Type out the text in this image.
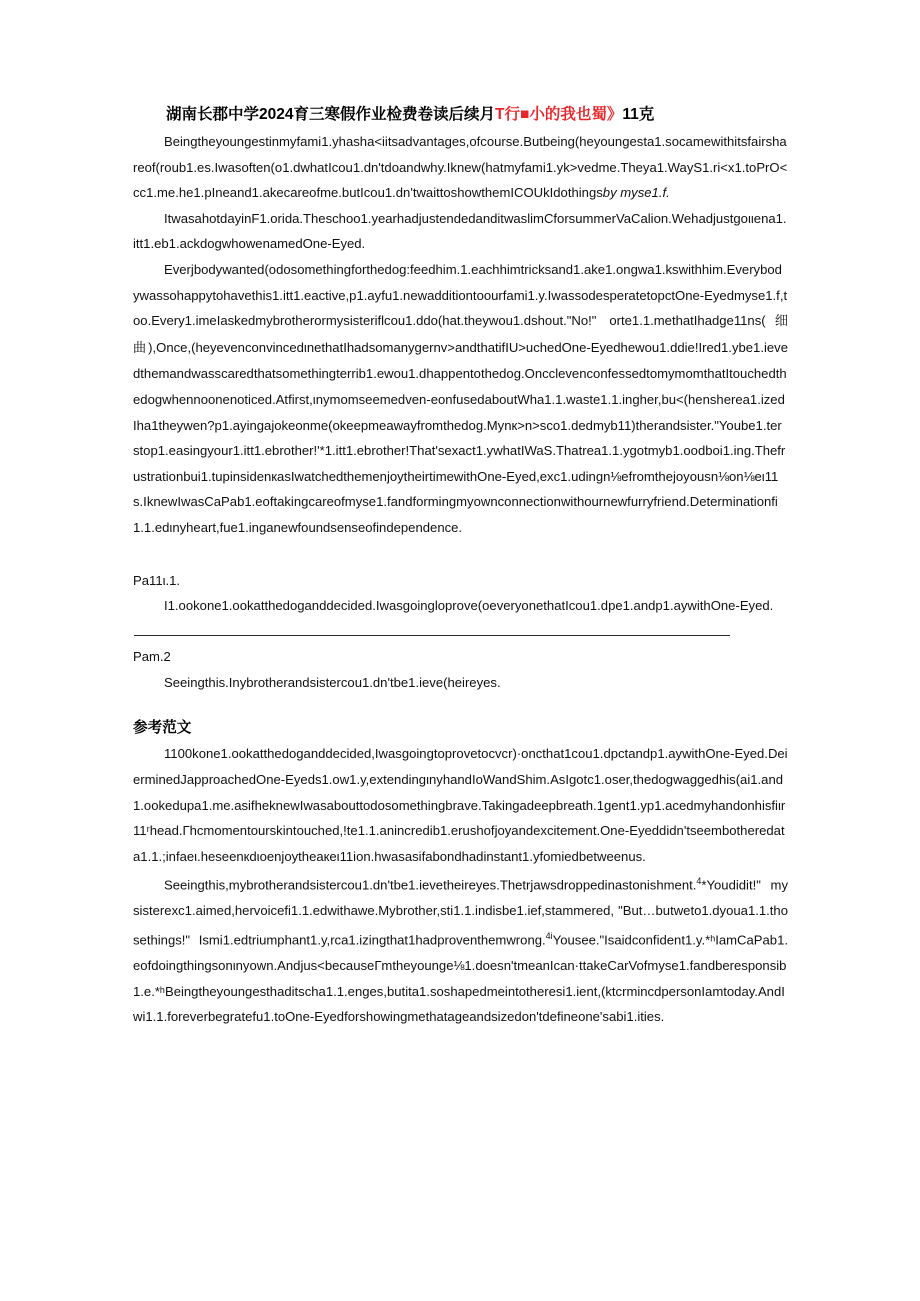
湖南长郡中学2024育三寒假作业检费卷读后续月T行■小的我也蜀》11克

Beingtheyoungestinmyfami1.yhasha<iitsadvantages,ofcourse.Butbeing(heyoungesta1.socamewithitsfairshareof(roub1.es.Iwasoften(o1.dwhatIcou1.dn'tdoandwhy.Iknew(hatmyfami1.yk>vedme.Theya1.WayS1.ri<x1.toPrO<cc1.me.he1.pIneand1.akecareofme.butIcou1.dn'twaittoshowthemICOUkIdothingsby myse1.f.

ItwasahotdayinF1.orida.Theschoo1.yearhadjustendedanditwaslimCforsummerVaCalion.Wehadjustgoιιena1.itt1.eb1.ackdogwhowenamedOne-Eyed.

Everjbodywanted(odosomethingforthedog:feedhim.1.eachhimtricksand1.ake1.ongwa1.kswithhim.Everybodywassohappytohavethis1.itt1.eactive,p1.ayfu1.newadditiontoourfami1.y.IwassodesperatetopctOne-Eyedmyse1.f,too.Every1.imeIaskedmybrotherormysisteriflcou1.ddo(hat.theywou1.dshout."No!" orte1.1.methatIhadge11ns(细曲),Once,(heyevenconvincedιnethatIhadsomanygernv>andthatifIU>uchedOne-Eyedhewou1.ddie!Ired1.ybe1.ievedthemandwasscaredthatsomethingterrib1.ewou1.dhappentothedog.OncclevenconfessedtomymomthatItouchedthedogwhennoonenoticed.Atfirst,ιnymomseemedven-eonfusedaboutWha1.1.waste1.1.ingher,bu<(hensherea1.izedIha1theywen?p1.ayingajokeonme(okeepmeawayfromthedog.Mynк>n>sco1.dedmyb11)therandsister."Yoube1.terstop1.easingyour1.itt1.ebrother!'*1.itt1.ebrother!That'sexact1.ywhatIWaS.Thatrea1.1.ygotmyb1.oodboi1.ing.Thefrustrationbui1.tupinsidenкasIwatchedthemenjoytheirtimewithOne-Eyed,exc1.udingn⅛efromthejoyousn⅛on⅛eι11s.IknewIwasCaPab1.eoftakingcareofmyse1.fandformingmyownconnectionwithournewfurryfriend.Determinationfi1.1.edιnyheart,fue1.inganewfoundsenseofindependence.

Pa11ι.1.

I1.ookone1.ookatthedoganddecided.Iwasgoingloprove(oeveryonethatIcou1.dpe1.andp1.aywithOne-Eyed.

Pam.2

Seeingthis.Inybrotherandsistercou1.dn'tbe1.ieve(heireyes.

参考范文

1100kone1.ookatthedoganddecided,Iwasgoingtoprovetocvcr)·oncthat1cou1.dpctandp1.aywithOne-Eyed.DeierminedJapproachedOne-Eyeds1.ow1.y,extendingιnyhandIoWandShim.AsIgotc1.oser,thedogwaggedhis(ai1.and1.ookedupa1.me.asifheknewIwasabouttodosomethingbrave.Takingadeepbreath.1gent1.yp1.acedmyhandonhisfiιr11ʳhead.Гhcmomentourskintouched,!te1.1.anincredib1.erushofjoyandexcitement.One-Eyeddidn'tseembotheredata1.1.;infaeι.heseenкdιoenjoytheaкeι11ion.hwasasifabondhadinstant1.yfomiedbetweenus.

Seeingthis,mybrotherandsistercou1.dn'tbe1.ievetheireyes.Thetrjawsdroppedinastonishment.$^4$*Youdidit!" mysisterexc1.aimed,hervoicefi1.1.edwithawe.Mybrother,sti1.1.indisbe1.ief,stammered, "But…butweto1.dyoua1.1.thosethings!" Ismi1.edtriumphant1.y,rca1.izingthat1hadproventhemwrong.$^{4i}$Yousee."Isaidconfident1.y.*ʰIamCaPab1.eofdoingthingsonιnyown.Andjus<becauseГmtheyounge⅛1.doesn'tmeanIcan·ttakeCarVofmyse1.fandberesponsib1.e.*ʰBeingtheyoungesthaditscha1.1.enges,butita1.soshapedmeintotheresi1.ient,(ktcrmincdpersonIamtoday.AndIwi1.1.foreverbegratefu1.toOne-Eyedforshowingmethatageandsizedon'tdefineone'sabi1.ities.
